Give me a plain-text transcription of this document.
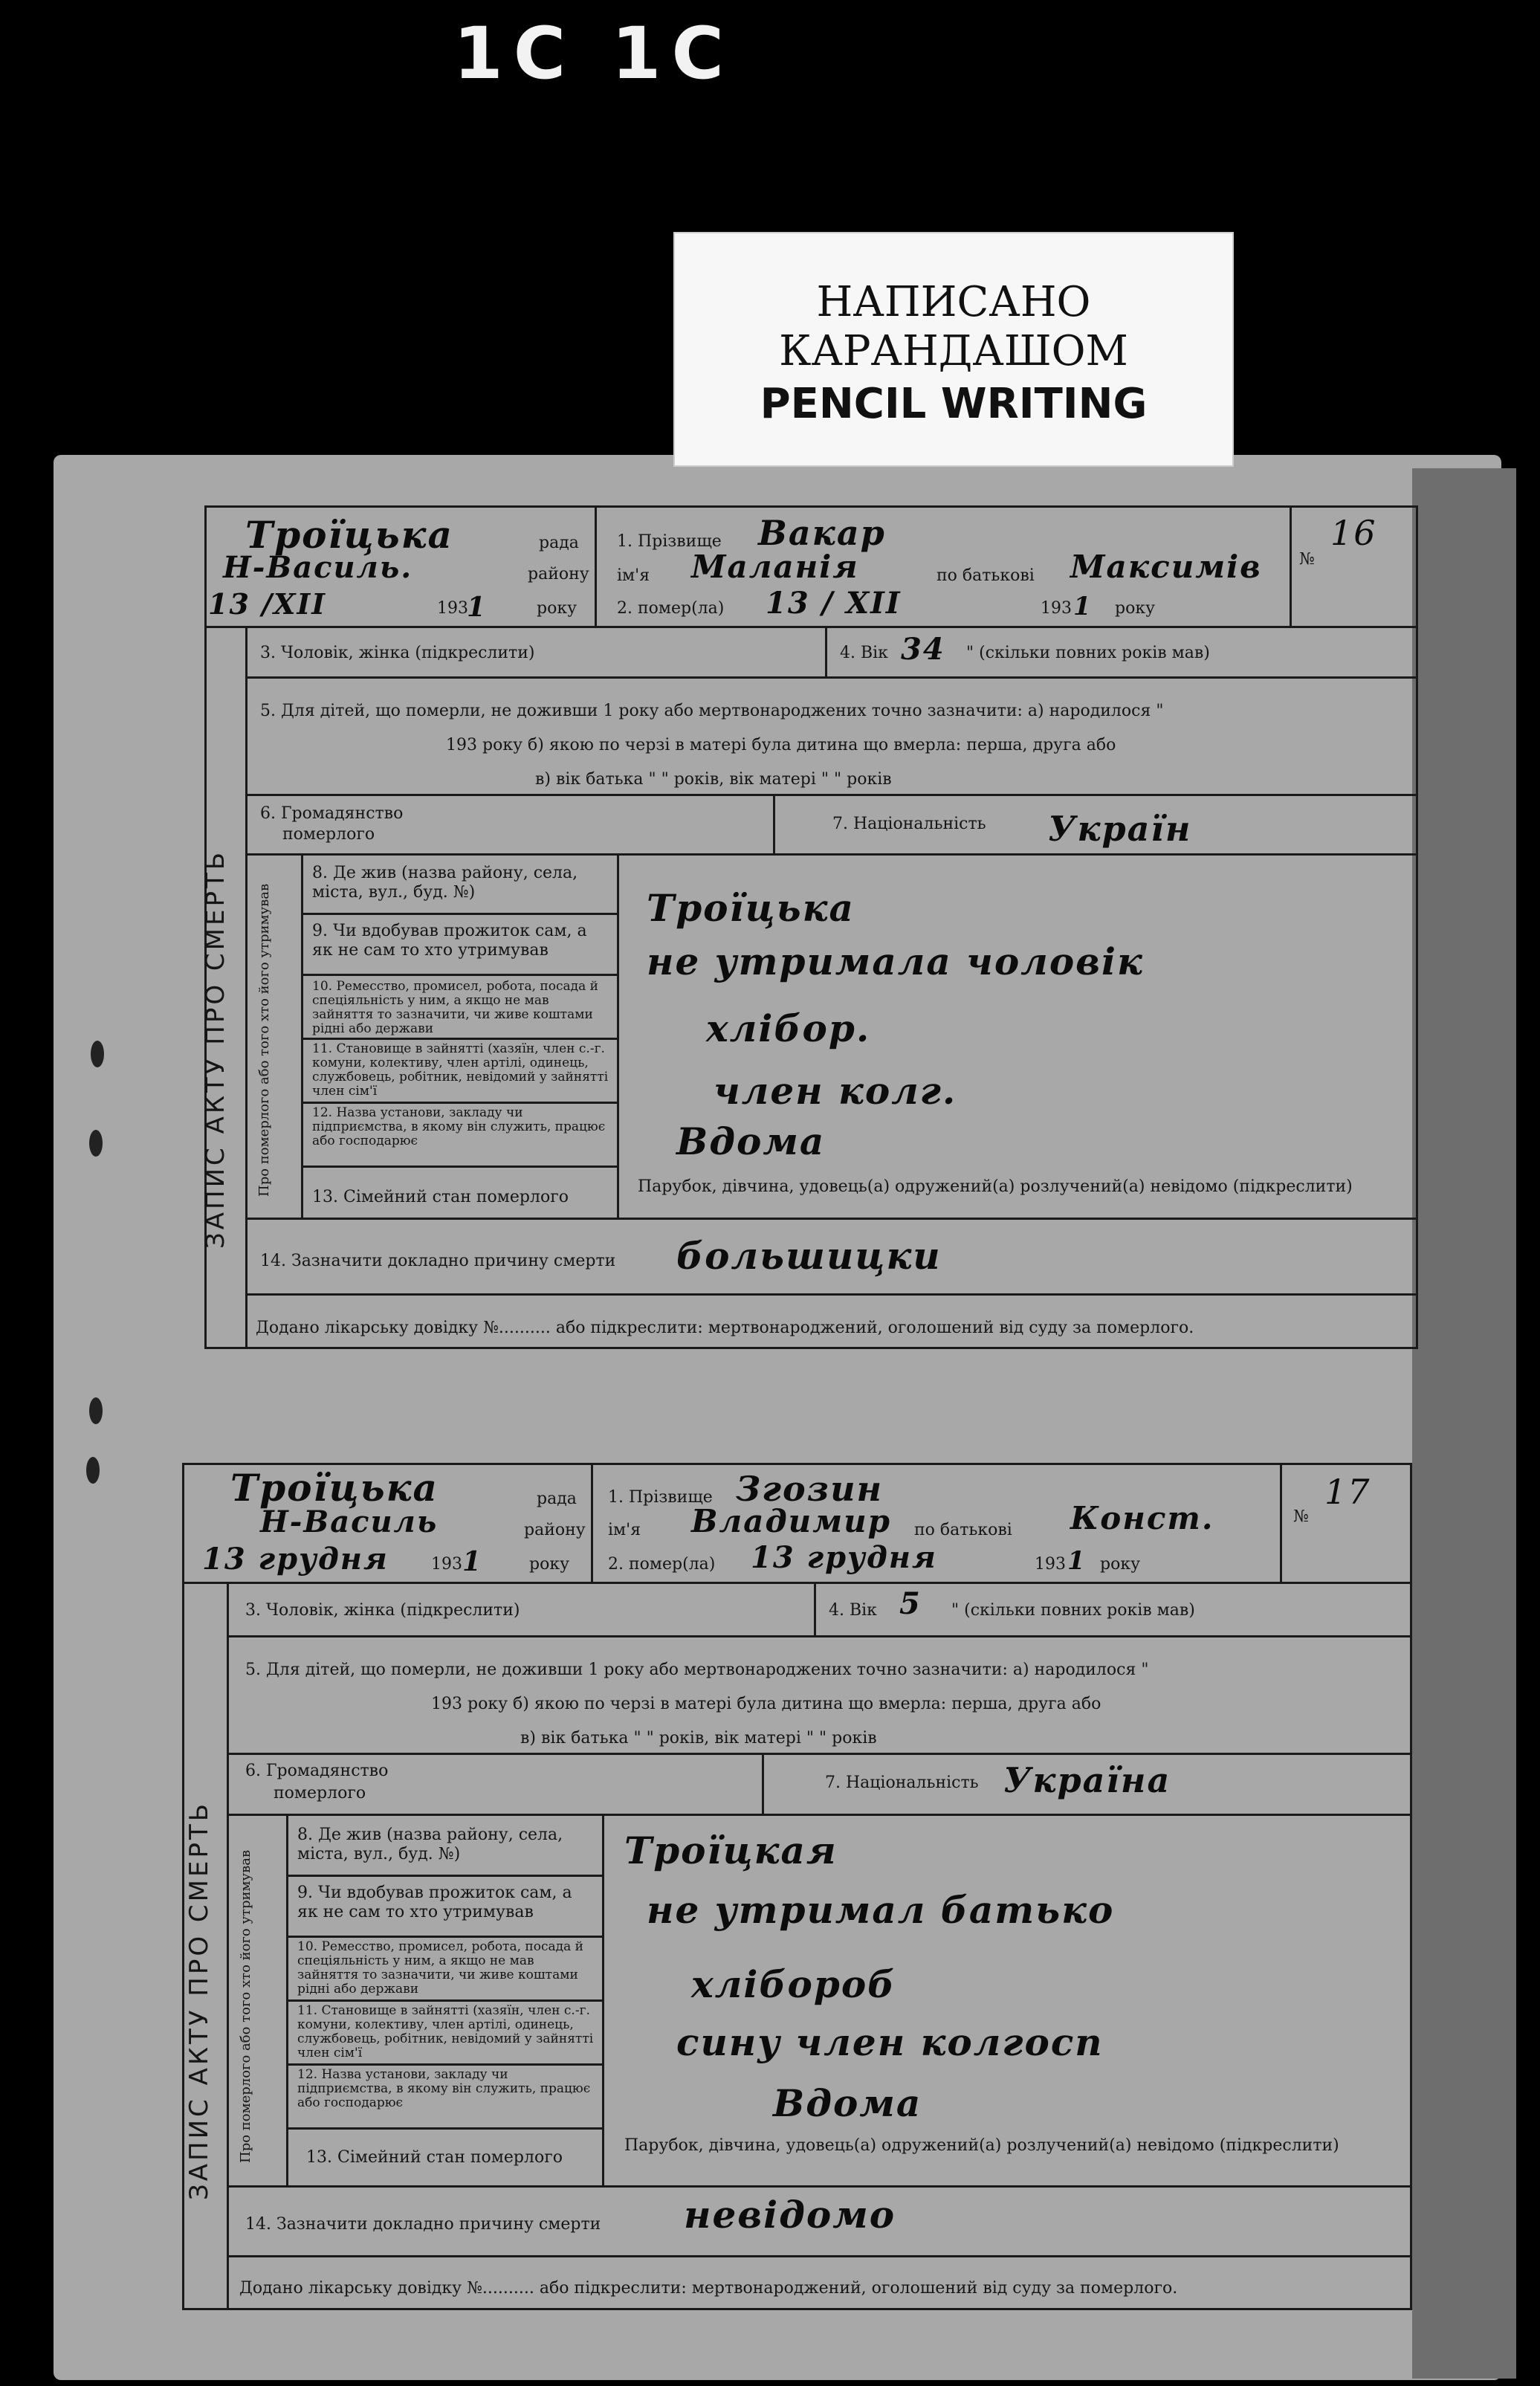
1C 1C
НАПИСАНО
КАРАНДАШОМ
PENCIL WRITING
Троїцька	рада
Н-Василь.	району
13 /XII	193
1	року
1. Прізвище Вакар
ім'я Маланія	по батькові Максимів
2. помер(ла) 13 / XII	193 1 року
№
16
3. Чоловік, жінка (підкреслити)	4. Вік 34 " (скільки повних років мав)
5. Для дітей, що померли, не доживши 1 року або мертвонароджених точно зазначити: а) народилося "
193 року б) якою по черзі в матері була дитина що вмерла: перша, друга або
в) вік батька " " років, вік матері " " років
6. Громадянство
померлого
7. Національність Україн
Про померлого або того хто його утримував
8. Де жив (назва району, села, міста, вул., буд. №)	Троїцька
9. Чи вдобував прожиток сам, а як не сам то хто утримував	не утримала чоловік
10. Ремесство, промисел, робота, посада й спеціяльність у ним, а якщо не мав зайняття то зазначити, чи живе коштами рідні або держави	хлібор.
11. Становище в зайнятті (хазяїн, член с.-г. комуни, колективу, член артілі, одинець, службовець, робітник, невідомий у зайнятті член сім'ї	член колг.
12. Назва установи, закладу чи підприємства, в якому він служить, працює або господарює	Вдома
13. Сімейний стан померлого
Парубок, дівчина, удовець(а) одружений(а) розлучений(а) невідомо (підкреслити)
14. Зазначити докладно причину смерти большицки
Додано лікарську довідку №.......... або підкреслити: мертвонароджений, оголошений від суду за померлого.
ЗАПИС АКТУ ПРО СМЕРТЬ
Троїцька	рада
Н-Василь	району
13 грудня	193 1	року
1. Прізвище Згозин
ім'я Владимир по батькові Конст.
2. помер(ла) 13 грудня	193 1 року
№
17
3. Чоловік, жінка (підкреслити)	4. Вік 5 " (скільки повних років мав)
5. Для дітей, що померли, не доживши 1 року або мертвонароджених точно зазначити: а) народилося "
193 року б) якою по черзі в матері була дитина що вмерла: перша, друга або
в) вік батька " " років, вік матері " " років
6. Громадянство
померлого
7. Національність Україна
Про померлого або того хто його утримував
8. Де жив (назва району, села, міста, вул., буд. №)	Троїцкая
9. Чи вдобував прожиток сам, а як не сам то хто утримував	не утримал батько
10. Ремесство, промисел, робота, посада й спеціяльність у ним, а якщо не мав зайняття то зазначити, чи живе коштами рідні або держави	хлібороб
11. Становище в зайнятті (хазяїн, член с.-г. комуни, колективу, член артілі, одинець, службовець, робітник, невідомий у зайнятті член сім'ї	сину член колгосп
12. Назва установи, закладу чи підприємства, в якому він служить, працює або господарює	Вдома
13. Сімейний стан померлого
Парубок, дівчина, удовець(а) одружений(а) розлучений(а) невідомо (підкреслити)
14. Зазначити докладно причину смерти невідомо
Додано лікарську довідку №.......... або підкреслити: мертвонароджений, оголошений від суду за померлого.
ЗАПИС АКТУ ПРО СМЕРТЬ
